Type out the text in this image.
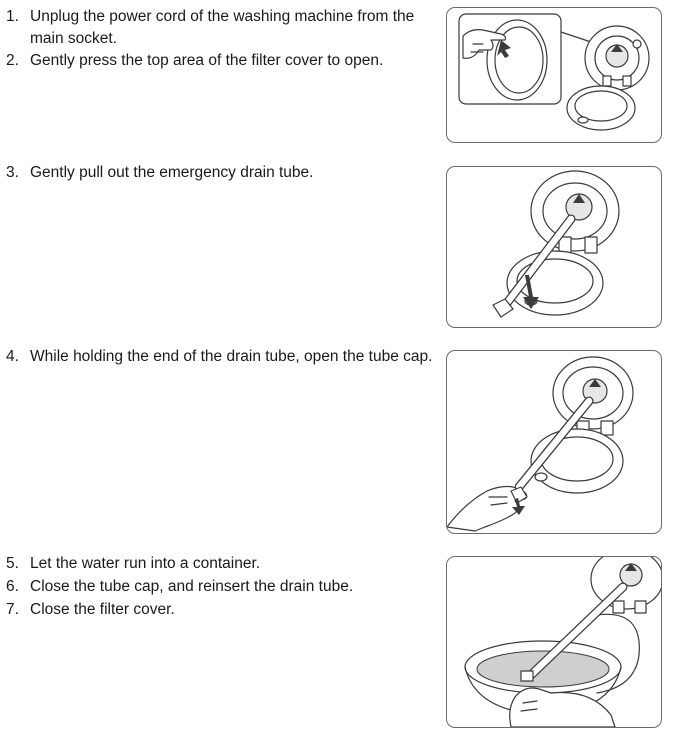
1. Unplug the power cord of the washing machine from the main socket.
2. Gently press the top area of the filter cover to open.
3. Gently pull out the emergency drain tube.
4. While holding the end of the drain tube, open the tube cap.
5. Let the water run into a container.
6. Close the tube cap, and reinsert the drain tube.
7. Close the filter cover.
